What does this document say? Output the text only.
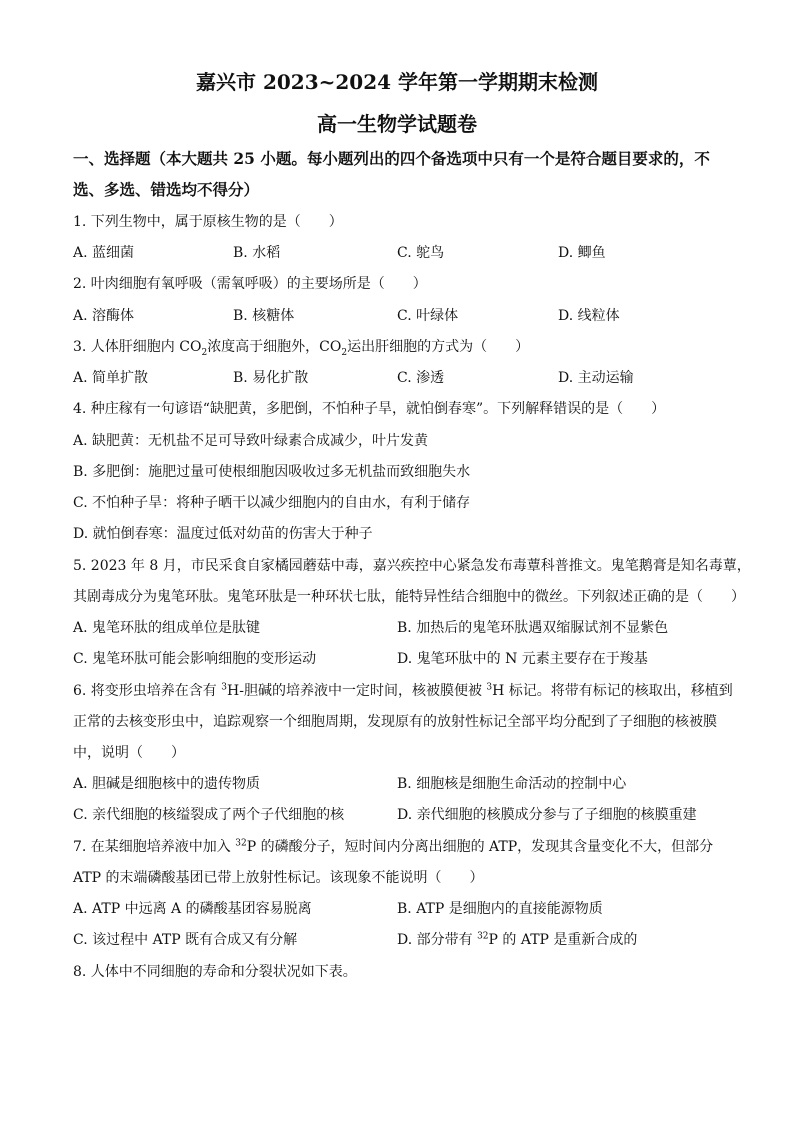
嘉兴市 2023~2024 学年第一学期期末检测
高一生物学试题卷
一、选择题（本大题共 25 小题。每小题列出的四个备选项中只有一个是符合题目要求的，不
选、多选、错选均不得分）
1. 下列生物中，属于原核生物的是（　　）
A. 蓝细菌	B. 水稻	C. 鸵鸟	D. 鲫鱼
2. 叶肉细胞有氧呼吸（需氧呼吸）的主要场所是（　　）
A. 溶酶体	B. 核糖体	C. 叶绿体	D. 线粒体
3. 人体肝细胞内 $CO_2$浓度高于细胞外，$CO_2$运出肝细胞的方式为（　　）
A. 简单扩散	B. 易化扩散	C. 渗透	D. 主动运输
4. 种庄稼有一句谚语“缺肥黄，多肥倒，不怕种子旱，就怕倒春寒”。下列解释错误的是（　　）
A. 缺肥黄：无机盐不足可导致叶绿素合成减少，叶片发黄
B. 多肥倒：施肥过量可使根细胞因吸收过多无机盐而致细胞失水
C. 不怕种子旱：将种子晒干以减少细胞内的自由水，有利于储存
D. 就怕倒春寒：温度过低对幼苗的伤害大于种子
5. 2023 年 8 月，市民采食自家橘园蘑菇中毒，嘉兴疾控中心紧急发布毒蕈科普推文。鬼笔鹅膏是知名毒蕈，
其剧毒成分为鬼笔环肽。鬼笔环肽是一种环状七肽，能特异性结合细胞中的微丝。下列叙述正确的是（　　）
A. 鬼笔环肽的组成单位是肽键	B. 加热后的鬼笔环肽遇双缩脲试剂不显紫色
C. 鬼笔环肽可能会影响细胞的变形运动	D. 鬼笔环肽中的 N 元素主要存在于羧基
6. 将变形虫培养在含有 $^3$H-胆碱的培养液中一定时间，核被膜便被 $^3$H 标记。将带有标记的核取出，移植到
正常的去核变形虫中，追踪观察一个细胞周期，发现原有的放射性标记全部平均分配到了子细胞的核被膜
中，说明（　　）
A. 胆碱是细胞核中的遗传物质	B. 细胞核是细胞生命活动的控制中心
C. 亲代细胞的核缢裂成了两个子代细胞的核	D. 亲代细胞的核膜成分参与了子细胞的核膜重建
7. 在某细胞培养液中加入 $^{32}$P 的磷酸分子，短时间内分离出细胞的 ATP，发现其含量变化不大，但部分
ATP 的末端磷酸基团已带上放射性标记。该现象不能说明（　　）
A. ATP 中远离 A 的磷酸基团容易脱离	B. ATP 是细胞内的直接能源物质
C. 该过程中 ATP 既有合成又有分解	D. 部分带有 $^{32}$P 的 ATP 是重新合成的
8. 人体中不同细胞的寿命和分裂状况如下表。
